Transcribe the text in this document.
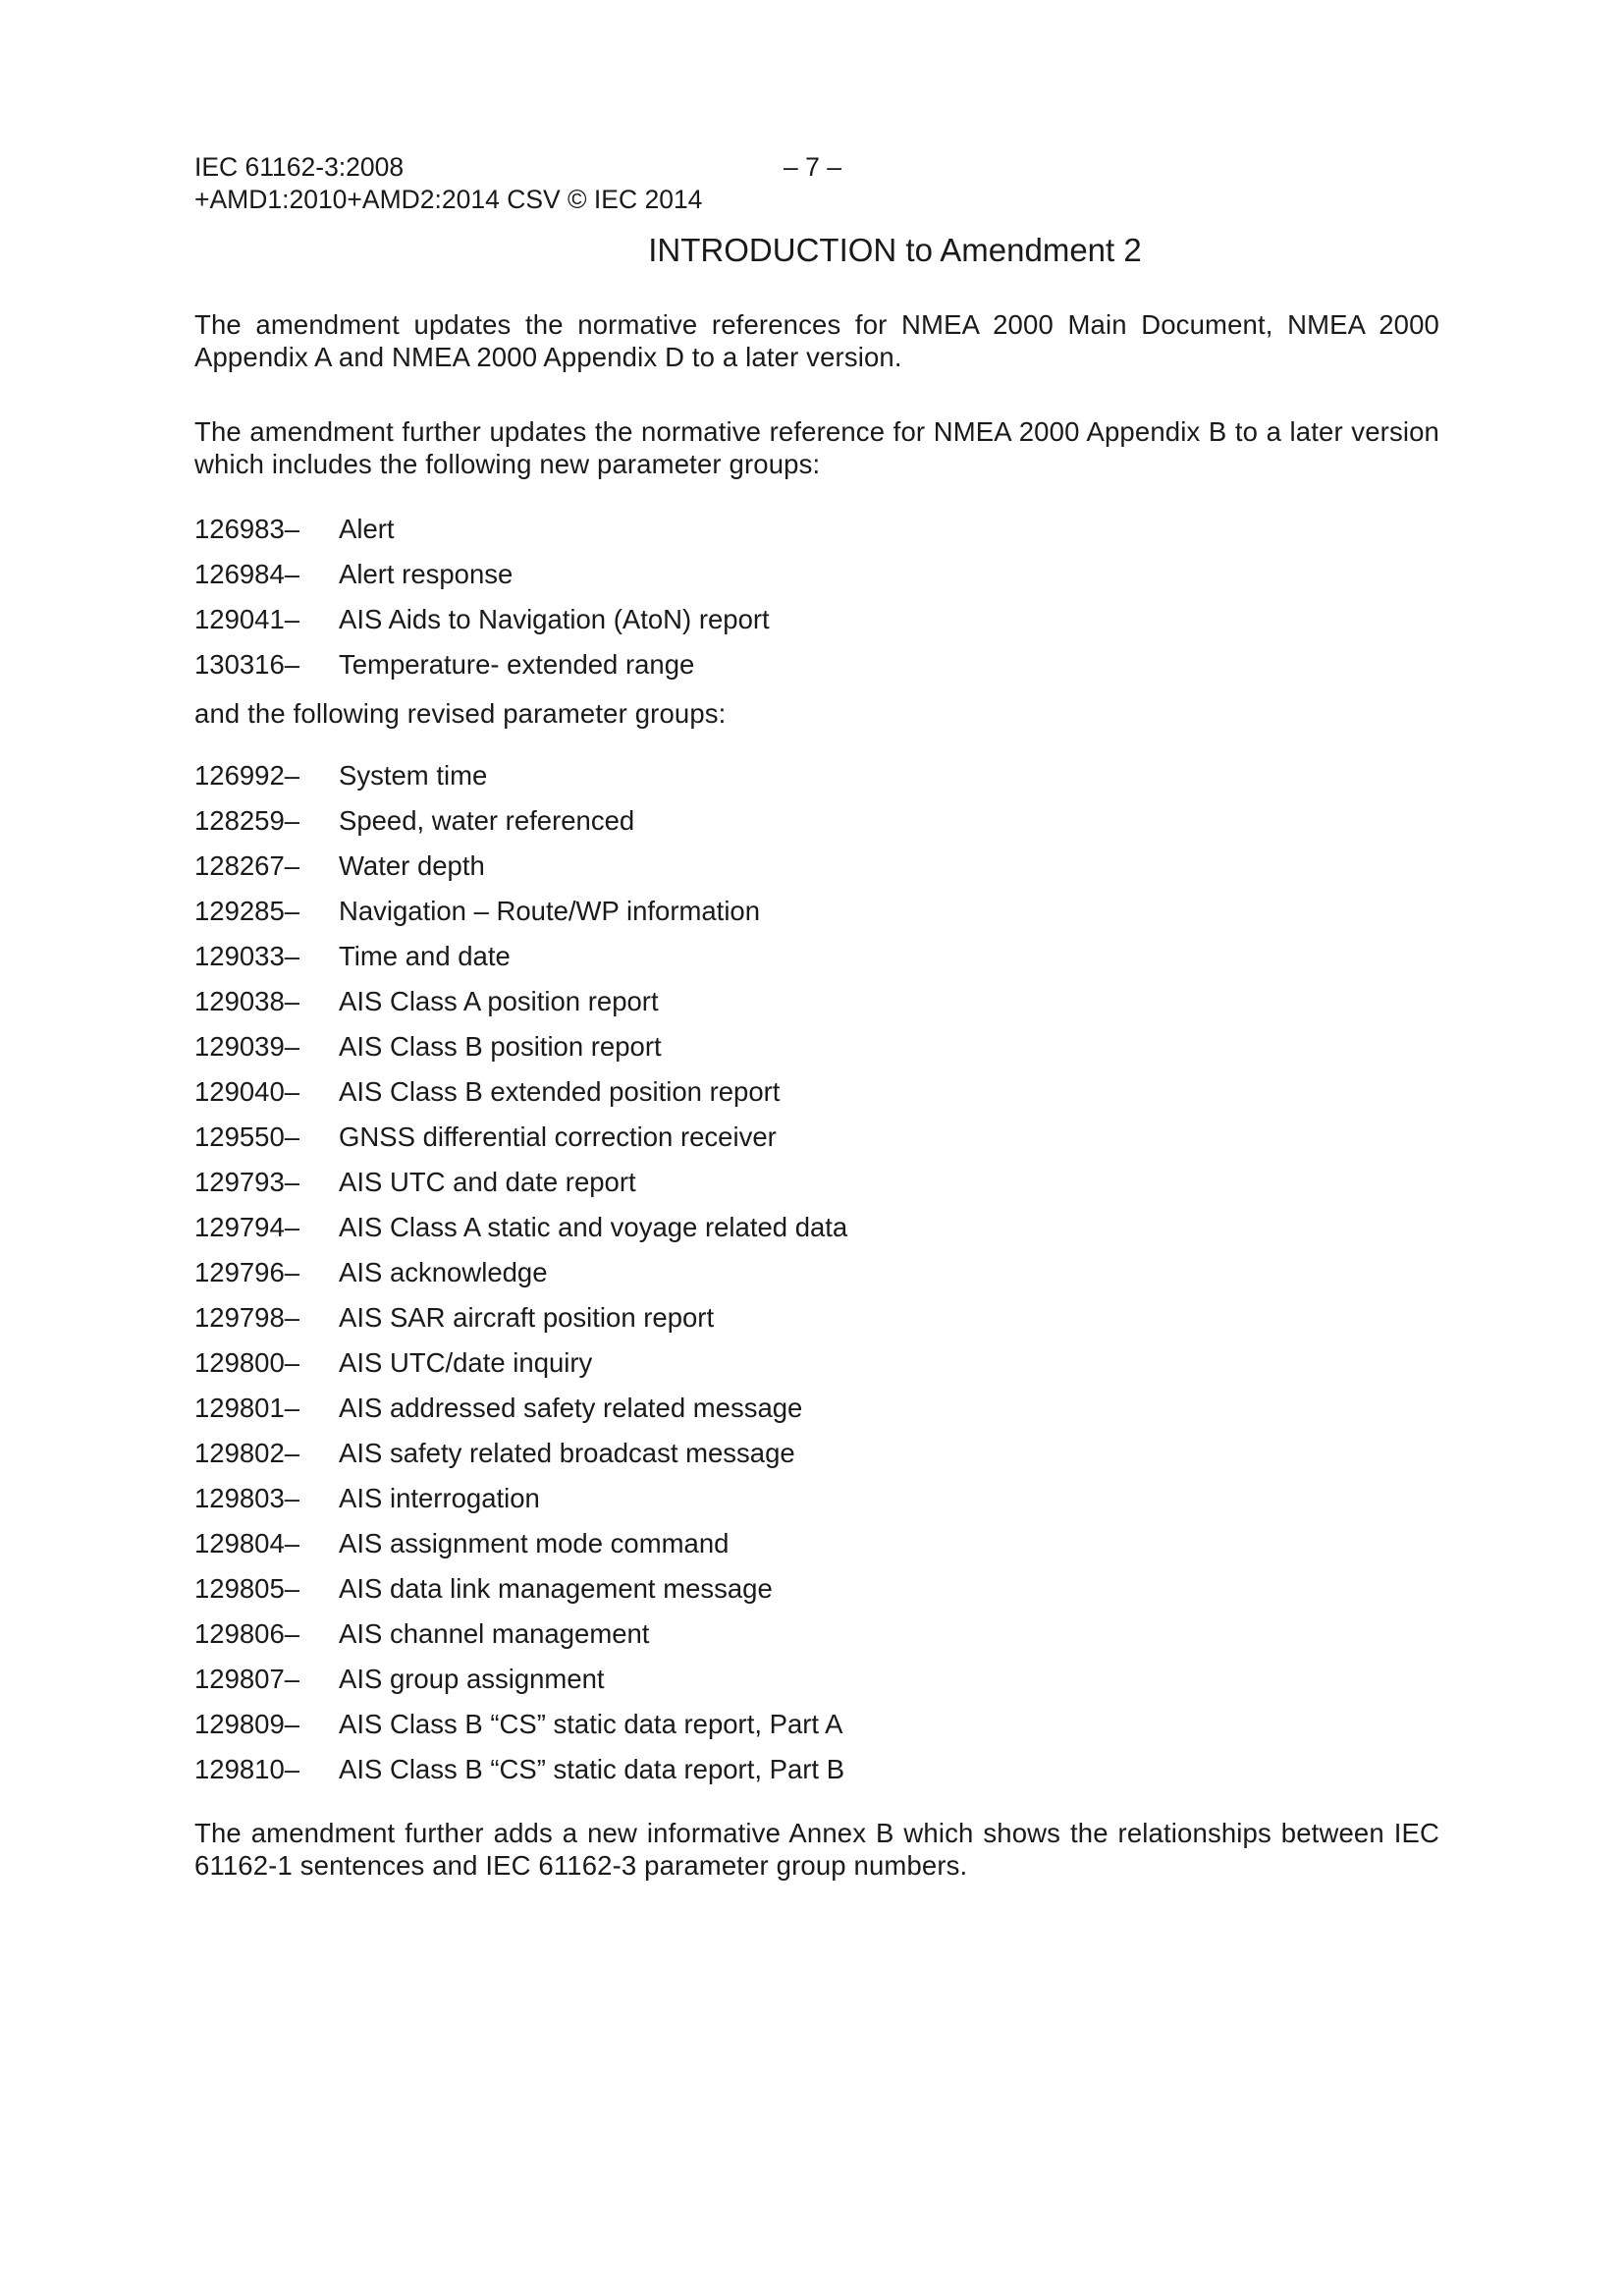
IEC 61162-3:2008	– 7 –
+AMD1:2010+AMD2:2014 CSV © IEC 2014
INTRODUCTION to Amendment 2

The amendment updates the normative references for NMEA 2000 Main Document, NMEA 2000 Appendix A and NMEA 2000 Appendix D to a later version.

The amendment further updates the normative reference for NMEA 2000 Appendix B to a later version which includes the following new parameter groups:

126983–	Alert
126984–	Alert response
129041–	AIS Aids to Navigation (AtoN) report
130316–	Temperature- extended range

and the following revised parameter groups:

126992–	System time
128259–	Speed, water referenced
128267–	Water depth
129285–	Navigation – Route/WP information
129033–	Time and date
129038–	AIS Class A position report
129039–	AIS Class B position report
129040–	AIS Class B extended position report
129550–	GNSS differential correction receiver
129793–	AIS UTC and date report
129794–	AIS Class A static and voyage related data
129796–	AIS acknowledge
129798–	AIS SAR aircraft position report
129800–	AIS UTC/date inquiry
129801–	AIS addressed safety related message
129802–	AIS safety related broadcast message
129803–	AIS interrogation
129804–	AIS assignment mode command
129805–	AIS data link management message
129806–	AIS channel management
129807–	AIS group assignment
129809–	AIS Class B “CS” static data report, Part A
129810–	AIS Class B “CS” static data report, Part B

The amendment further adds a new informative Annex B which shows the relationships between IEC 61162-1 sentences and IEC 61162-3 parameter group numbers.
